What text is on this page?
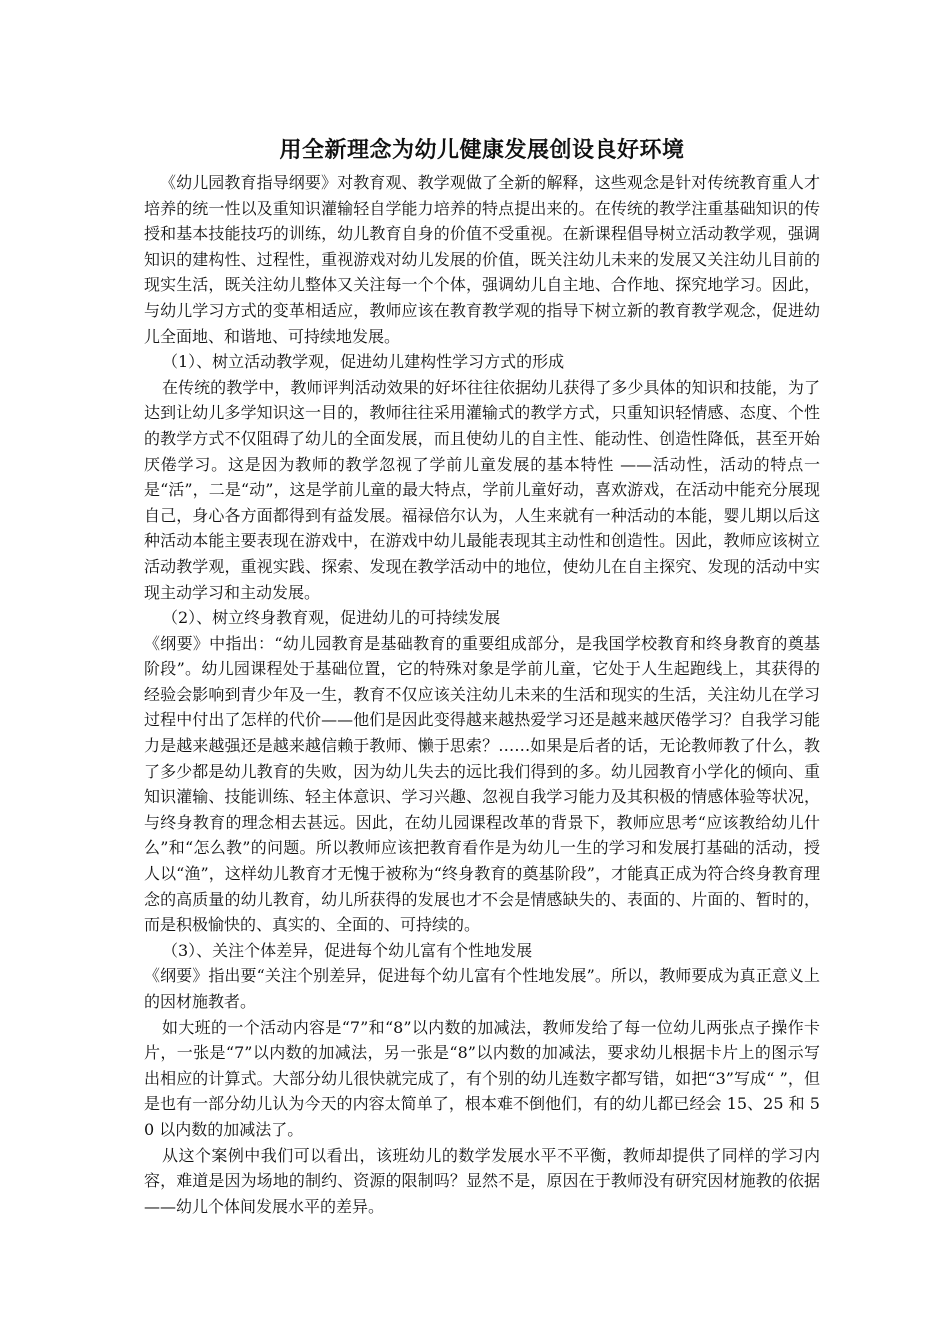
用全新理念为幼儿健康发展创设良好环境

《幼儿园教育指导纲要》对教育观、教学观做了全新的解释，这些观念是针对传统教育重人才培养的统一性以及重知识灌输轻自学能力培养的特点提出来的。在传统的教学注重基础知识的传授和基本技能技巧的训练，幼儿教育自身的价值不受重视。在新课程倡导树立活动教学观，强调知识的建构性、过程性，重视游戏对幼儿发展的价值，既关注幼儿未来的发展又关注幼儿目前的现实生活，既关注幼儿整体又关注每一个个体，强调幼儿自主地、合作地、探究地学习。因此，与幼儿学习方式的变革相适应，教师应该在教育教学观的指导下树立新的教育教学观念，促进幼儿全面地、和谐地、可持续地发展。

（1）、树立活动教学观，促进幼儿建构性学习方式的形成

在传统的教学中，教师评判活动效果的好坏往往依据幼儿获得了多少具体的知识和技能，为了达到让幼儿多学知识这一目的，教师往往采用灌输式的教学方式，只重知识轻情感、态度、个性的教学方式不仅阻碍了幼儿的全面发展，而且使幼儿的自主性、能动性、创造性降低，甚至开始厌倦学习。这是因为教师的教学忽视了学前儿童发展的基本特性 ——活动性，活动的特点一是“活”，二是“动”，这是学前儿童的最大特点，学前儿童好动，喜欢游戏，在活动中能充分展现自己，身心各方面都得到有益发展。福禄倍尔认为，人生来就有一种活动的本能，婴儿期以后这种活动本能主要表现在游戏中，在游戏中幼儿最能表现其主动性和创造性。因此，教师应该树立活动教学观，重视实践、探索、发现在教学活动中的地位，使幼儿在自主探究、发现的活动中实现主动学习和主动发展。

（2）、树立终身教育观，促进幼儿的可持续发展

《纲要》中指出：“幼儿园教育是基础教育的重要组成部分，是我国学校教育和终身教育的奠基阶段”。幼儿园课程处于基础位置，它的特殊对象是学前儿童，它处于人生起跑线上，其获得的经验会影响到青少年及一生，教育不仅应该关注幼儿未来的生活和现实的生活，关注幼儿在学习过程中付出了怎样的代价——他们是因此变得越来越热爱学习还是越来越厌倦学习？自我学习能力是越来越强还是越来越信赖于教师、懒于思索？……如果是后者的话，无论教师教了什么，教了多少都是幼儿教育的失败，因为幼儿失去的远比我们得到的多。幼儿园教育小学化的倾向、重知识灌输、技能训练、轻主体意识、学习兴趣、忽视自我学习能力及其积极的情感体验等状况，与终身教育的理念相去甚远。因此，在幼儿园课程改革的背景下，教师应思考“应该教给幼儿什么”和“怎么教”的问题。所以教师应该把教育看作是为幼儿一生的学习和发展打基础的活动，授人以“渔”，这样幼儿教育才无愧于被称为“终身教育的奠基阶段”，才能真正成为符合终身教育理念的高质量的幼儿教育，幼儿所获得的发展也才不会是情感缺失的、表面的、片面的、暂时的，而是积极愉快的、真实的、全面的、可持续的。

（3）、关注个体差异，促进每个幼儿富有个性地发展

《纲要》指出要“关注个别差异，促进每个幼儿富有个性地发展”。所以，教师要成为真正意义上的因材施教者。

如大班的一个活动内容是“7”和“8”以内数的加减法，教师发给了每一位幼儿两张点子操作卡片，一张是“7”以内数的加减法，另一张是“8”以内数的加减法，要求幼儿根据卡片上的图示写出相应的计算式。大部分幼儿很快就完成了，有个别的幼儿连数字都写错，如把“3”写成“ ”，但是也有一部分幼儿认为今天的内容太简单了，根本难不倒他们，有的幼儿都已经会 15、25 和 50 以内数的加减法了。

从这个案例中我们可以看出，该班幼儿的数学发展水平不平衡，教师却提供了同样的学习内容，难道是因为场地的制约、资源的限制吗？显然不是，原因在于教师没有研究因材施教的依据——幼儿个体间发展水平的差异。
